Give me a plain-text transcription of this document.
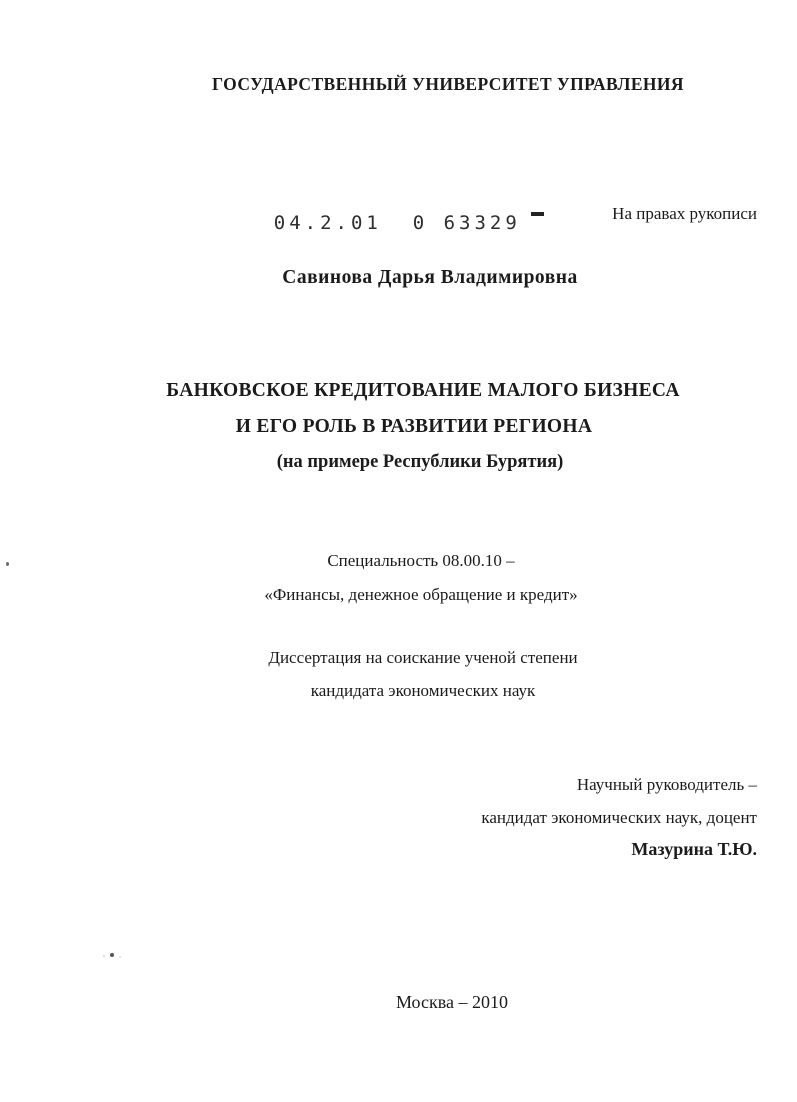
ГОСУДАРСТВЕННЫЙ УНИВЕРСИТЕТ УПРАВЛЕНИЯ

04.2.01  0 63329
	На правах рукописи
Савинова Дарья Владимировна
БАНКОВСКОЕ КРЕДИТОВАНИЕ МАЛОГО БИЗНЕСА
И ЕГО РОЛЬ В РАЗВИТИИ РЕГИОНА
(на примере Республики Бурятия)
Специальность 08.00.10 –
«Финансы, денежное обращение и кредит»
Диссертация на соискание ученой степени
кандидата экономических наук
Научный руководитель –
кандидат экономических наук, доцент
Мазурина Т.Ю.
Москва – 2010
